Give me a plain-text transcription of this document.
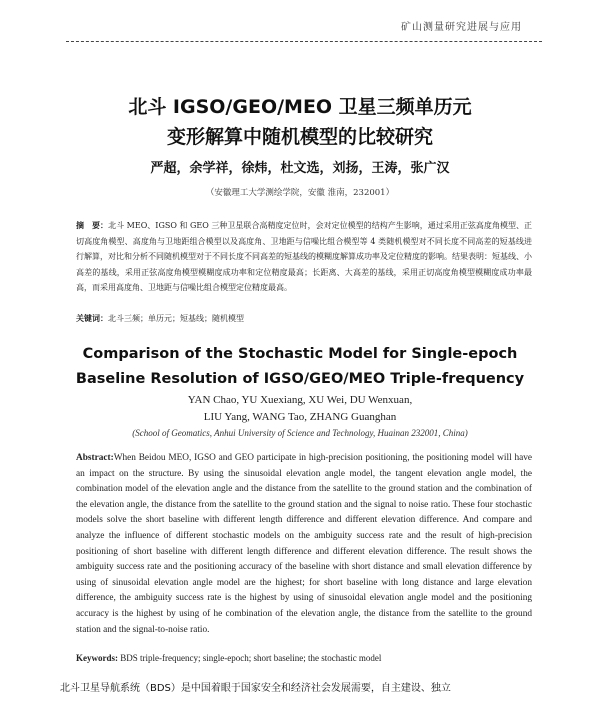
矿山测量研究进展与应用
北斗 IGSO/GEO/MEO 卫星三频单历元
变形解算中随机模型的比较研究
严超，余学祥，徐炜，杜文选，刘扬，王涛，张广汉
（安徽理工大学测绘学院，安徽 淮南，232001）
摘　要：北斗 MEO、IGSO 和 GEO 三种卫星联合高精度定位时，会对定位模型的结构产生影响，通过采用正弦高度角模型、正切高度角模型、高度角与卫地距组合模型以及高度角、卫地距与信噪比组合模型等 4 类随机模型对不同长度不同高差的短基线进行解算，对比和分析不同随机模型对于不同长度不同高差的短基线的模糊度解算成功率及定位精度的影响。结果表明：短基线、小高差的基线，采用正弦高度角模型模糊度成功率和定位精度最高；长距离、大高差的基线，采用正切高度角模型模糊度成功率最高，而采用高度角、卫地距与信噪比组合模型定位精度最高。
关键词：北斗三频；单历元；短基线；随机模型
Comparison of the Stochastic Model for Single-epoch
Baseline Resolution of IGSO/GEO/MEO Triple-frequency
YAN Chao, YU Xuexiang, XU Wei, DU Wenxuan,
LIU Yang, WANG Tao, ZHANG Guanghan
(School of Geomatics, Anhui University of Science and Technology, Huainan 232001, China)
Abstract:When Beidou MEO, IGSO and GEO participate in high-precision positioning, the positioning model will have an impact on the structure. By using the sinusoidal elevation angle model, the tangent elevation angle model, the combination model of the elevation angle and the distance from the satellite to the ground station and the combination of the elevation angle, the distance from the satellite to the ground station and the signal to noise ratio. These four stochastic models solve the short baseline with different length difference and different elevation difference. And compare and analyze the influence of different stochastic models on the ambiguity success rate and the result of high-precision positioning of short baseline with different length difference and different elevation difference. The result shows the ambiguity success rate and the positioning accuracy of the baseline with short distance and small elevation difference by using of sinusoidal elevation angle model are the highest; for short baseline with long distance and large elevation difference, the ambiguity success rate is the highest by using of sinusoidal elevation angle model and the positioning accuracy is the highest by using of he combination of the elevation angle, the distance from the satellite to the ground station and the signal-to-noise ratio.
Keywords: BDS triple-frequency; single-epoch; short baseline; the stochastic model
北斗卫星导航系统（BDS）是中国着眼于国家安全和经济社会发展需要，自主建设、独立
